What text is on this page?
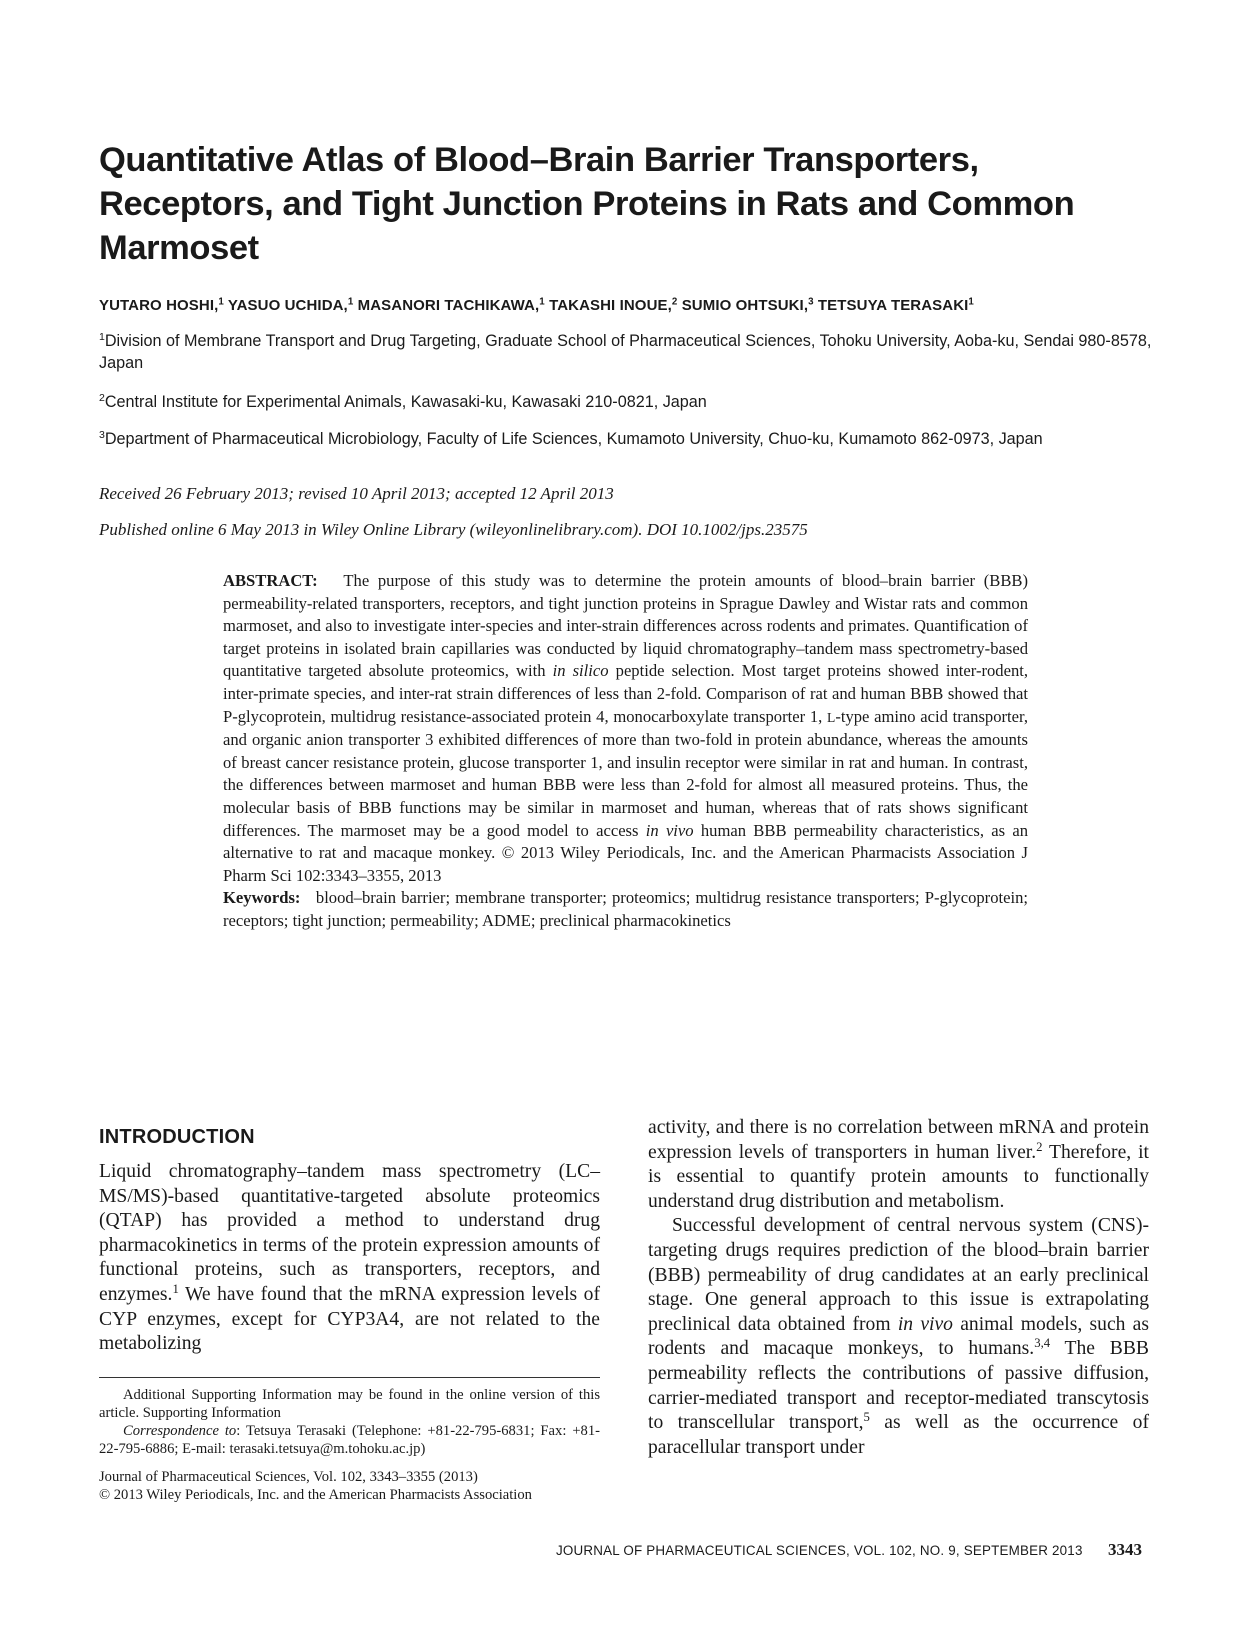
Quantitative Atlas of Blood–Brain Barrier Transporters, Receptors, and Tight Junction Proteins in Rats and Common Marmoset
YUTARO HOSHI,$^1$ YASUO UCHIDA,$^1$ MASANORI TACHIKAWA,$^1$ TAKASHI INOUE,$^2$ SUMIO OHTSUKI,$^3$ TETSUYA TERASAKI$^1$
$^1$Division of Membrane Transport and Drug Targeting, Graduate School of Pharmaceutical Sciences, Tohoku University, Aoba-ku, Sendai 980-8578, Japan
$^2$Central Institute for Experimental Animals, Kawasaki-ku, Kawasaki 210-0821, Japan
$^3$Department of Pharmaceutical Microbiology, Faculty of Life Sciences, Kumamoto University, Chuo-ku, Kumamoto 862-0973, Japan
Received 26 February 2013; revised 10 April 2013; accepted 12 April 2013
Published online 6 May 2013 in Wiley Online Library (wileyonlinelibrary.com). DOI 10.1002/jps.23575

ABSTRACT: The purpose of this study was to determine the protein amounts of blood–brain barrier (BBB) permeability-related transporters, receptors, and tight junction proteins in Sprague Dawley and Wistar rats and common marmoset, and also to investigate inter-species and inter-strain differences across rodents and primates. Quantification of target proteins in isolated brain capillaries was conducted by liquid chromatography–tandem mass spectrometry-based quantitative targeted absolute proteomics, with in silico peptide selection. Most target proteins showed inter-rodent, inter-primate species, and inter-rat strain differences of less than 2-fold. Comparison of rat and human BBB showed that P-glycoprotein, multidrug resistance-associated protein 4, monocarboxylate transporter 1, L-type amino acid transporter, and organic anion transporter 3 exhibited differences of more than two-fold in protein abundance, whereas the amounts of breast cancer resistance protein, glucose transporter 1, and insulin receptor were similar in rat and human. In contrast, the differences between marmoset and human BBB were less than 2-fold for almost all measured proteins. Thus, the molecular basis of BBB functions may be similar in marmoset and human, whereas that of rats shows significant differences. The marmoset may be a good model to access in vivo human BBB permeability characteristics, as an alternative to rat and macaque monkey. © 2013 Wiley Periodicals, Inc. and the American Pharmacists Association J Pharm Sci 102:3343–3355, 2013

Keywords: blood–brain barrier; membrane transporter; proteomics; multidrug resistance transporters; P-glycoprotein; receptors; tight junction; permeability; ADME; preclinical pharmacokinetics

INTRODUCTION

Liquid chromatography–tandem mass spectrometry (LC–MS/MS)-based quantitative-targeted absolute proteomics (QTAP) has provided a method to understand drug pharmacokinetics in terms of the protein expression amounts of functional proteins, such as transporters, receptors, and enzymes.$^1$ We have found that the mRNA expression levels of CYP enzymes, except for CYP3A4, are not related to the metabolizing

activity, and there is no correlation between mRNA and protein expression levels of transporters in human liver.$^2$ Therefore, it is essential to quantify protein amounts to functionally understand drug distribution and metabolism.

Successful development of central nervous system (CNS)-targeting drugs requires prediction of the blood–brain barrier (BBB) permeability of drug candidates at an early preclinical stage. One general approach to this issue is extrapolating preclinical data obtained from in vivo animal models, such as rodents and macaque monkeys, to humans.$^{3,4}$ The BBB permeability reflects the contributions of passive diffusion, carrier-mediated transport and receptor-mediated transcytosis to transcellular transport,$^5$ as well as the occurrence of paracellular transport under

Additional Supporting Information may be found in the online version of this article. Supporting Information

Correspondence to: Tetsuya Terasaki (Telephone: +81-22-795-6831; Fax: +81-22-795-6886; E-mail: terasaki.tetsuya@m.tohoku.ac.jp)

Journal of Pharmaceutical Sciences, Vol. 102, 3343–3355 (2013)

© 2013 Wiley Periodicals, Inc. and the American Pharmacists Association

JOURNAL OF PHARMACEUTICAL SCIENCES, VOL. 102, NO. 9, SEPTEMBER 2013 3343
